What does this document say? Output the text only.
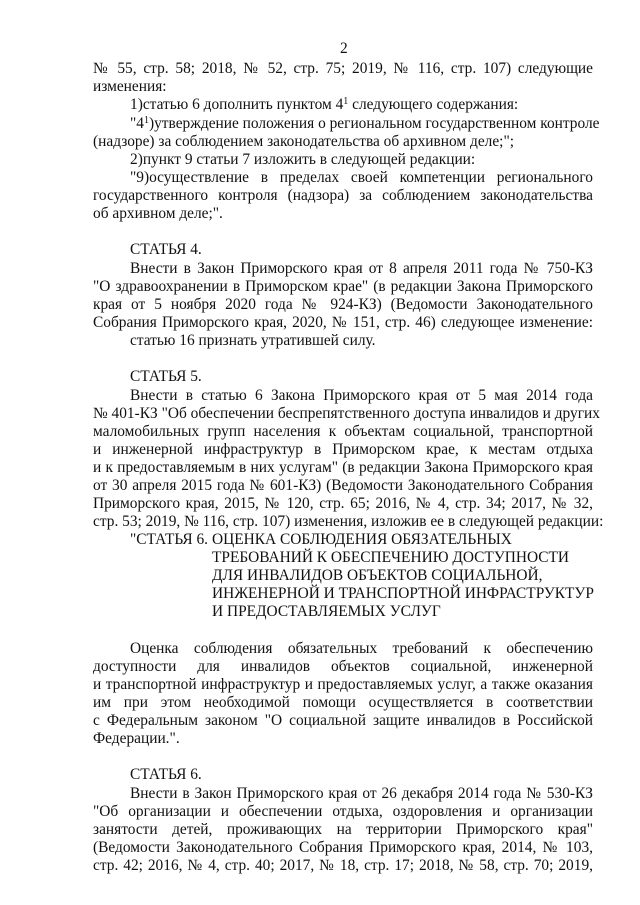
2
№ 55, стр. 58; 2018, № 52, стр. 75; 2019, № 116, стр. 107) следующие
изменения:
1)статью 6 дополнить пунктом $4^1$ следующего содержания:
"$4^1)утверждение$ положения о региональном государственном контроле
(надзоре) за соблюдением законодательства об архивном деле;";
2)пункт 9 статьи 7 изложить в следующей редакции:
"9)осуществление в пределах своей компетенции регионального
государственного контроля (надзора) за соблюдением законодательства
об архивном деле;".
СТАТЬЯ 4.
Внести в Закон Приморского края от 8 апреля 2011 года № 750-КЗ
"О здравоохранении в Приморском крае" (в редакции Закона Приморского
края от 5 ноября 2020 года № 924-КЗ) (Ведомости Законодательного
Собрания Приморского края, 2020, № 151, стр. 46) следующее изменение:
статью 16 признать утратившей силу.
СТАТЬЯ 5.
Внести в статью 6 Закона Приморского края от 5 мая 2014 года
№ 401-КЗ "Об обеспечении беспрепятственного доступа инвалидов и других
маломобильных групп населения к объектам социальной, транспортной
и инженерной инфраструктур в Приморском крае, к местам отдыха
и к предоставляемым в них услугам" (в редакции Закона Приморского края
от 30 апреля 2015 года № 601-КЗ) (Ведомости Законодательного Собрания
Приморского края, 2015, № 120, стр. 65; 2016, № 4, стр. 34; 2017, № 32,
стр. 53; 2019, № 116, стр. 107) изменения, изложив ее в следующей редакции:
"СТАТЬЯ 6. ОЦЕНКА СОБЛЮДЕНИЯ ОБЯЗАТЕЛЬНЫХ
ТРЕБОВАНИЙ К ОБЕСПЕЧЕНИЮ ДОСТУПНОСТИ
ДЛЯ ИНВАЛИДОВ ОБЪЕКТОВ СОЦИАЛЬНОЙ,
ИНЖЕНЕРНОЙ И ТРАНСПОРТНОЙ ИНФРАСТРУКТУР
И ПРЕДОСТАВЛЯЕМЫХ УСЛУГ
Оценка соблюдения обязательных требований к обеспечению
доступности для инвалидов объектов социальной, инженерной
и транспортной инфраструктур и предоставляемых услуг, а также оказания
им при этом необходимой помощи осуществляется в соответствии
с Федеральным законом "О социальной защите инвалидов в Российской
Федерации.".
СТАТЬЯ 6.
Внести в Закон Приморского края от 26 декабря 2014 года № 530-КЗ
"Об организации и обеспечении отдыха, оздоровления и организации
занятости детей, проживающих на территории Приморского края"
(Ведомости Законодательного Собрания Приморского края, 2014, № 103,
стр. 42; 2016, № 4, стр. 40; 2017, № 18, стр. 17; 2018, № 58, стр. 70; 2019,
